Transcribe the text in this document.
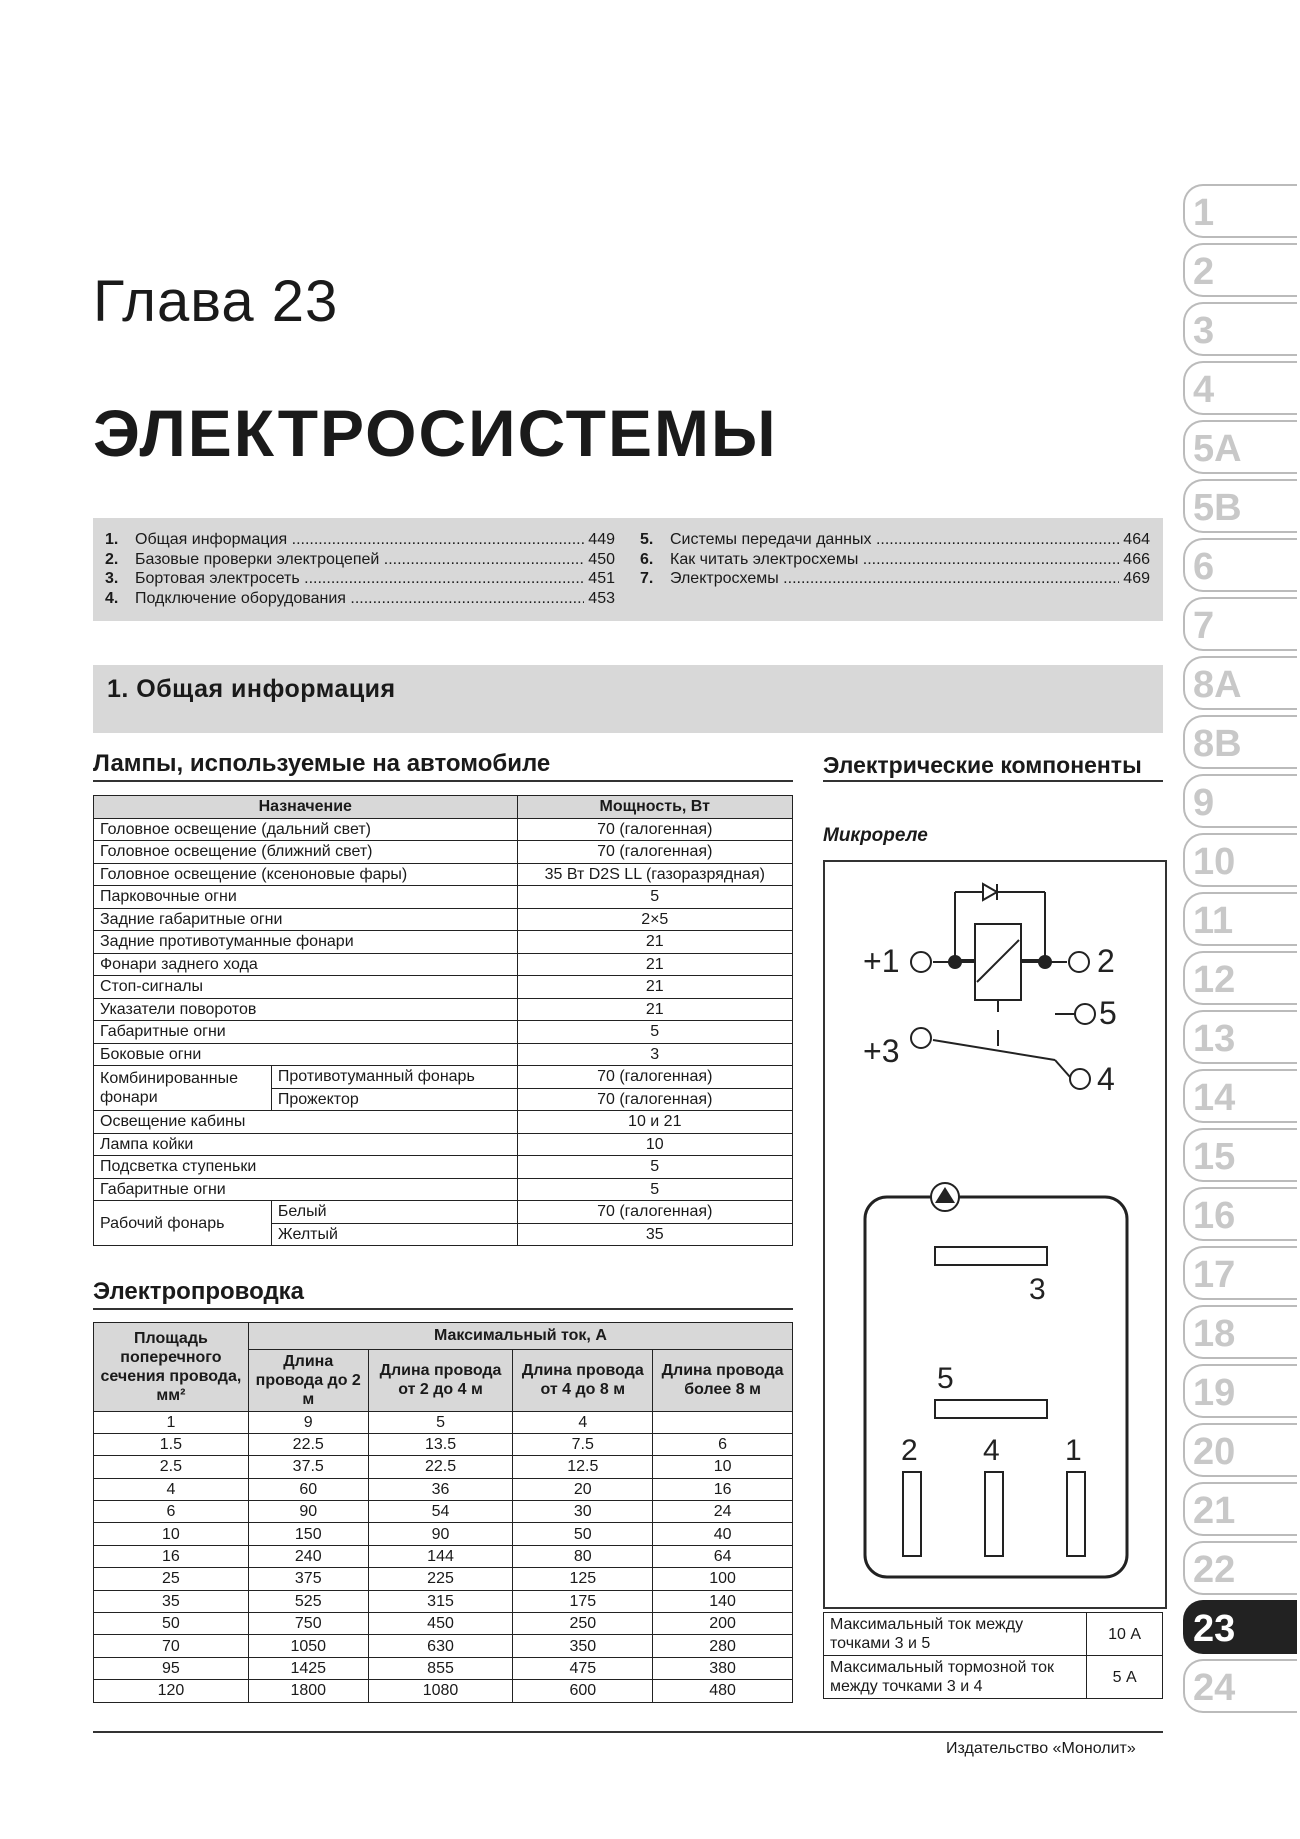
Глава 23
ЭЛЕКТРОСИСТЕМЫ
1.	Общая информация .....	449
2.	Базовые проверки электроцепей .....	450
3.	Бортовая электросеть .....	451
4.	Подключение оборудования .....	453
5.	Системы передачи данных .....	464
6.	Как читать электросхемы .....	466
7.	Электросхемы .....	469
1. Общая информация
Лампы, используемые на автомобиле
Назначение		Мощность, Вт
Головное освещение (дальний свет)		70 (галогенная)
Головное освещение (ближний свет)		70 (галогенная)
Головное освещение (ксеноновые фары)		35 Вт D2S LL (газоразрядная)
Парковочные огни		5
Задние габаритные огни		2×5
Задние противотуманные фонари		21
Фонари заднего хода		21
Стоп-сигналы		21
Указатели поворотов		21
Габаритные огни		5
Боковые огни		3
Комбинированные фонари	Противотуманный фонарь	70 (галогенная)
	Прожектор	70 (галогенная)
Освещение кабины		10 и 21
Лампа койки		10
Подсветка ступеньки		5
Габаритные огни		5
Рабочий фонарь	Белый	70 (галогенная)
	Желтый	35
Электропроводка
Площадь поперечного сечения провода, мм²	Максимальный ток, А			
	Длина провода до 2 м	Длина провода от 2 до 4 м	Длина провода от 4 до 8 м	Длина провода более 8 м
1	9	5	4	
1.5	22.5	13.5	7.5	6
2.5	37.5	22.5	12.5	10
4	60	36	20	16
6	90	54	30	24
10	150	90	50	40
16	240	144	80	64
25	375	225	125	100
35	525	315	175	140
50	750	450	250	200
70	1050	630	350	280
95	1425	855	475	380
120	1800	1080	600	480
Электрические компоненты
Микрореле
+1	2
+3
4
5
3
5
2 4 1
Максимальный ток между точками 3 и 5	10 А
Максимальный тормозной ток между точками 3 и 4	5 А
1
2
3
4
5A
5B
6
7
8A
8B
9
10
11
12
13
14
15
16
17
18
19
20
21
22
23
24
Издательство «Монолит»
